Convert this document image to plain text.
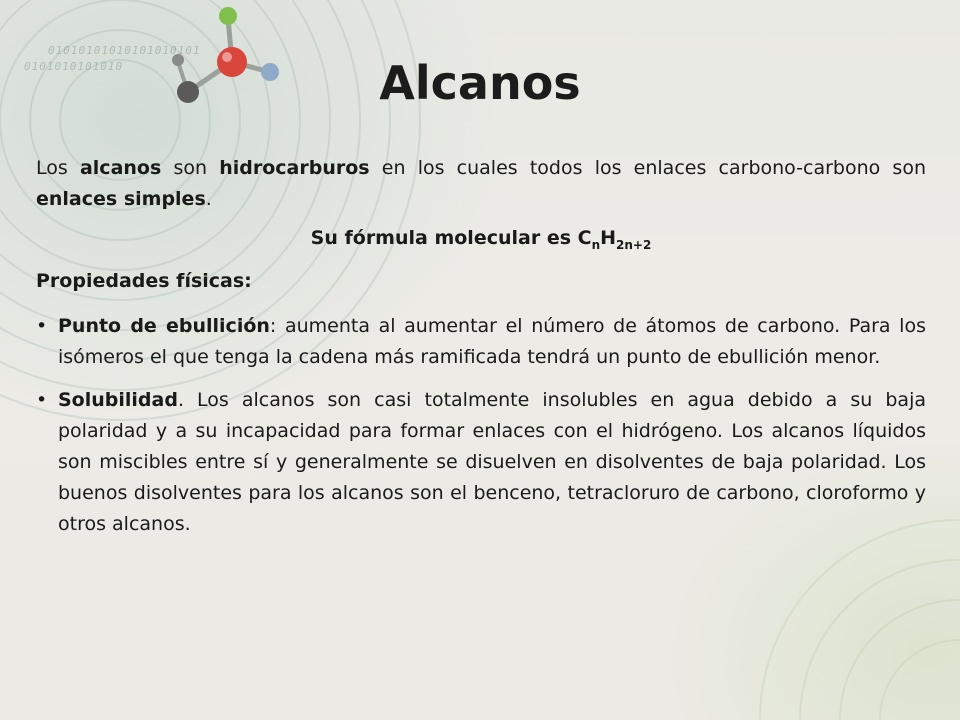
01010101010101010101
0101010101010	Alcanos

Los alcanos son hidrocarburos en los cuales todos los enlaces carbono-carbono son enlaces simples.

Su fórmula molecular es $C_nH_{2n+2}$

Propiedades físicas:

• Punto de ebullición: aumenta al aumentar el número de átomos de carbono. Para los isómeros el que tenga la cadena más ramificada tendrá un punto de ebullición menor.

• Solubilidad. Los alcanos son casi totalmente insolubles en agua debido a su baja polaridad y a su incapacidad para formar enlaces con el hidrógeno. Los alcanos líquidos son miscibles entre sí y generalmente se disuelven en disolventes de baja polaridad. Los buenos disolventes para los alcanos son el benceno, tetracloruro de carbono, cloroformo y otros alcanos.
